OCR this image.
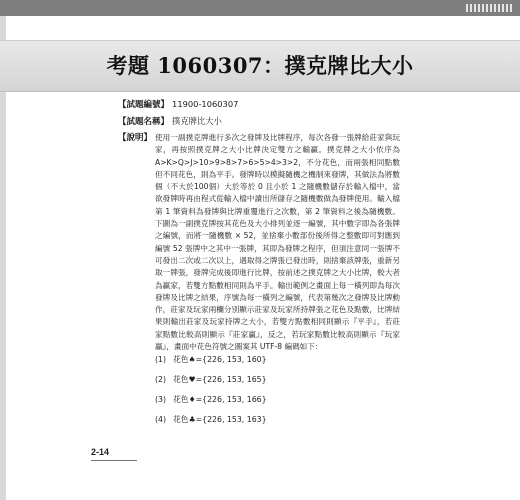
考題 1060307：撲克牌比大小
【 試題編號 】 11900-1060307
【 試題名稱 】 撲克牌比大小
【 說明 】	使用一副撲克牌進行多次之發牌及比牌程序，每次各發一張牌給莊家與玩家，再按照撲克牌之大小比牌決定雙方之輸贏。撲克牌之大小依序為A>K>Q>J>10>9>8>7>6>5>4>3>2，不分花色，而兩張相同點數但不同花色，則為平手。發牌時以模擬隨機之機制來發牌，其做法為將數個（不大於100個）大於等於 0 且小於 1 之隨機數儲存於輸入檔中，當欲發牌時再由程式從輸入檔中讀出所儲存之隨機數做為發牌使用。輸入檔第 1 筆資料為發牌與比牌重覆進行之次數，第 2 筆資料之後為隨機數。下圖為一副撲克牌按其花色及大小排列並逐一編號，其中數字即為各張牌之編號，而將一隨機數 × 52，並捨棄小數部份後所得之整數即可對應到編號 52 張牌中之其中一張牌，其即為發牌之程序，但須注意同一張牌不可發出二次或二次以上，遇取得之牌張已發出時，則捨棄該牌張，重新另取一牌張，發牌完成後即進行比牌，按前述之撲克牌之大小比牌，較大者為贏家，若雙方點數相同則為平手。輸出範例之畫面上每一橫列即為每次發牌及比牌之結果，序號為每一橫列之編號，代表第幾次之發牌及比牌動作，莊家及玩家兩欄分別顯示莊家及玩家所持牌張之花色及點數，比牌結果則輸出莊家及玩家持牌之大小，若雙方點數相同則顯示『平手』，若莊家點數比較高則顯示『莊家贏』，反之，若玩家點數比較高則顯示『玩家贏』，畫面中花色符號之圖案其 UTF-8 編碼如下：
(1) 花色♠={226, 153, 160}
(2) 花色♥={226, 153, 165}
(3) 花色♦={226, 153, 166}
(4) 花色♣={226, 153, 163}
2-14
